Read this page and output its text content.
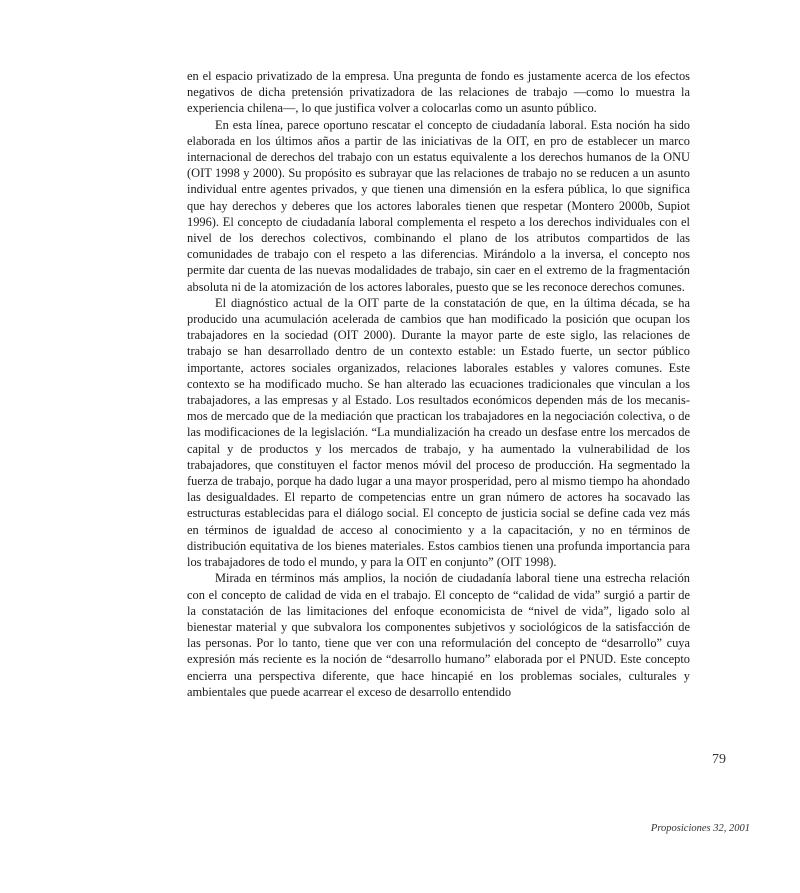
en el espacio privatizado de la empresa. Una pregunta de fondo es justamente acerca de los efectos negativos de dicha pretensión privatizadora de las relaciones de trabajo —como lo muestra la experiencia chilena—, lo que justifica volver a colocarlas como un asunto público.

En esta línea, parece oportuno rescatar el concepto de ciudadanía laboral. Esta noción ha sido elaborada en los últimos años a partir de las iniciativas de la OIT, en pro de establecer un marco internacional de derechos del trabajo con un estatus equivalente a los derechos humanos de la ONU (OIT 1998 y 2000). Su propósito es subrayar que las relaciones de trabajo no se reducen a un asunto individual entre agentes privados, y que tienen una dimensión en la esfera pública, lo que significa que hay derechos y deberes que los actores laborales tienen que respetar (Montero 2000b, Supiot 1996). El concepto de ciudadanía laboral complementa el respeto a los derechos individuales con el nivel de los derechos colectivos, combinando el plano de los atributos compartidos de las comunidades de trabajo con el respeto a las diferencias. Mirándolo a la inversa, el concepto nos permite dar cuenta de las nuevas modalidades de trabajo, sin caer en el extremo de la fragmentación absoluta ni de la atomización de los actores laborales, puesto que se les reconoce derechos comunes.

El diagnóstico actual de la OIT parte de la constatación de que, en la última década, se ha producido una acumulación acelerada de cambios que han modificado la posición que ocupan los trabajadores en la sociedad (OIT 2000). Durante la mayor parte de este siglo, las relaciones de trabajo se han desarrollado dentro de un contexto estable: un Estado fuerte, un sector público importante, actores sociales organizados, relaciones laborales estables y valores comunes. Este contexto se ha modificado mucho. Se han alterado las ecuaciones tradicionales que vinculan a los trabajadores, a las empresas y al Estado. Los resultados económicos dependen más de los mecanismos de mercado que de la mediación que practican los trabajadores en la negociación colectiva, o de las modificaciones de la legislación. “La mundialización ha creado un desfase entre los mercados de capital y de productos y los mercados de trabajo, y ha aumentado la vulnerabilidad de los trabajadores, que constituyen el factor menos móvil del proceso de producción. Ha segmentado la fuerza de trabajo, porque ha dado lugar a una mayor prosperidad, pero al mismo tiempo ha ahondado las desigualdades. El reparto de competencias entre un gran número de actores ha socavado las estructuras establecidas para el diálogo social. El concepto de justicia social se define cada vez más en términos de igualdad de acceso al conocimiento y a la capacitación, y no en términos de distribución equitativa de los bienes materiales. Estos cambios tienen una profunda importancia para los trabajadores de todo el mundo, y para la OIT en conjunto” (OIT 1998).

Mirada en términos más amplios, la noción de ciudadanía laboral tiene una estrecha relación con el concepto de calidad de vida en el trabajo. El concepto de “calidad de vida” surgió a partir de la constatación de las limitaciones del enfoque economicista de “nivel de vida”, ligado solo al bienestar material y que subvalora los componentes subjetivos y sociológicos de la satisfacción de las personas. Por lo tanto, tiene que ver con una reformulación del concepto de “desarrollo” cuya expresión más reciente es la noción de “desarrollo humano” elaborada por el PNUD. Este concepto encierra una perspectiva diferente, que hace hincapié en los problemas sociales, culturales y ambientales que puede acarrear el exceso de desarrollo entendido

79
Proposiciones 32, 2001
